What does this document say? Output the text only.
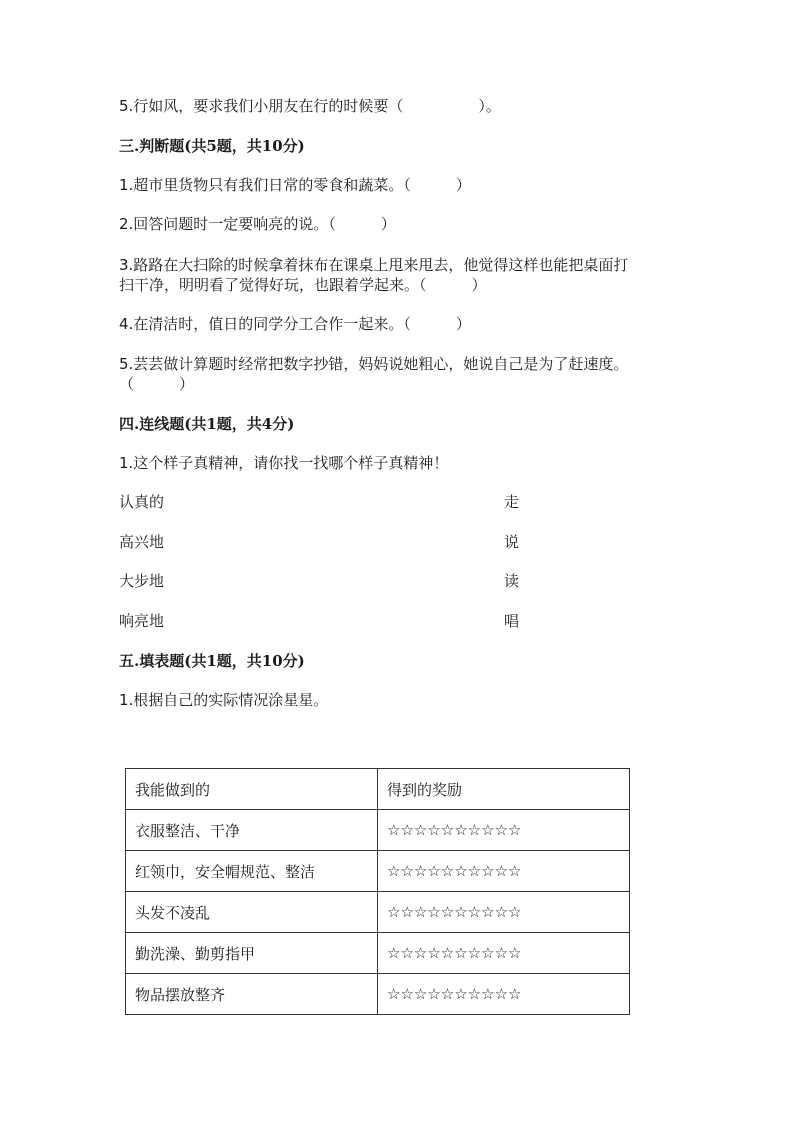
5.行如风，要求我们小朋友在行的时候要（　　　　　）。
三.判断题(共5题，共10分)
1.超市里货物只有我们日常的零食和蔬菜。（　　　）
2.回答问题时一定要响亮的说。（　　　）
3.路路在大扫除的时候拿着抹布在课桌上甩来甩去，他觉得这样也能把桌面打
扫干净，明明看了觉得好玩，也跟着学起来。（　　　）
4.在清洁时，值日的同学分工合作一起来。（　　　）
5.芸芸做计算题时经常把数字抄错，妈妈说她粗心，她说自己是为了赶速度。
（　　　）
四.连线题(共1题，共4分)
1.这个样子真精神，请你找一找哪个样子真精神！
认真的	走
高兴地	说
大步地	读
响亮地	唱
五.填表题(共1题，共10分)
1.根据自己的实际情况涂星星。
我能做到的	得到的奖励
衣服整洁、干净	☆☆☆☆☆☆☆☆☆☆
红领巾，安全帽规范、整洁	☆☆☆☆☆☆☆☆☆☆
头发不凌乱	☆☆☆☆☆☆☆☆☆☆
勤洗澡、勤剪指甲	☆☆☆☆☆☆☆☆☆☆
物品摆放整齐	☆☆☆☆☆☆☆☆☆☆
